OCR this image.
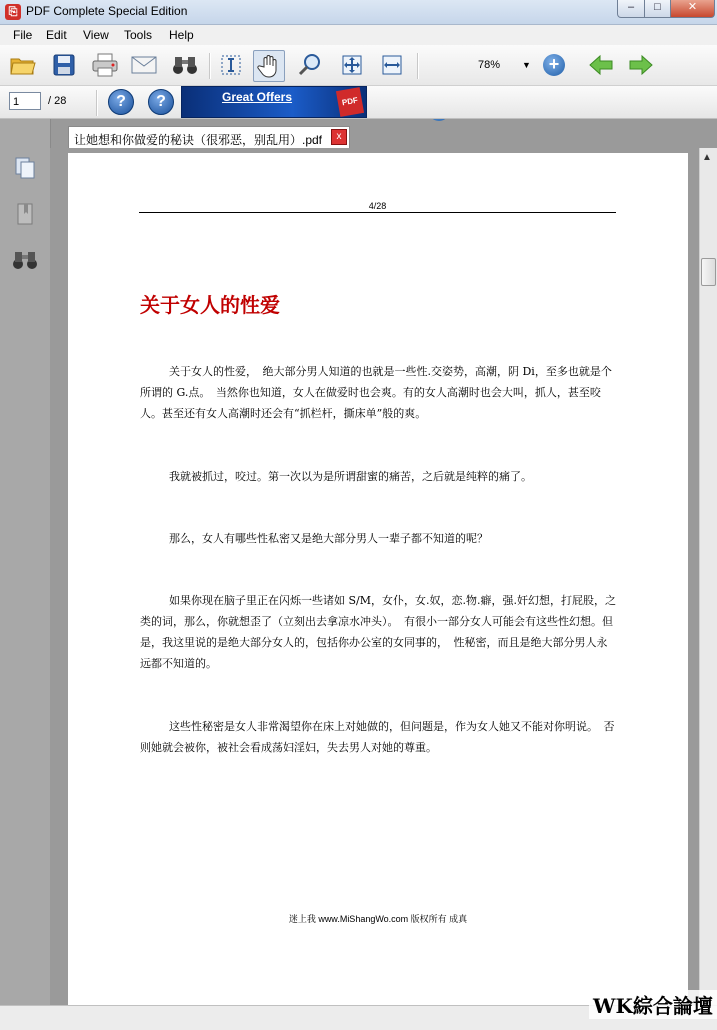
⎘ PDF Complete Special Edition	‒	□	✕
File Edit View Tools Help
78% ▼ +
1	/ 28	?	?	Great Offers	PDF
让她想和你做爱的秘诀（很邪恶，别乱用）.pdf	x
4/28
关于女人的性爱

关于女人的性爱，　绝大部分男人知道的也就是一些性.交姿势，高潮，阴 Di，至多也就是个所谓的 G.点。　当然你也知道，女人在做爱时也会爽。有的女人高潮时也会大叫，抓人，甚至咬人。甚至还有女人高潮时还会有“抓栏杆，撕床单”般的爽。

我就被抓过，咬过。第一次以为是所谓甜蜜的痛苦，之后就是纯粹的痛了。

那么，女人有哪些性私密又是绝大部分男人一辈子都不知道的呢？

如果你现在脑子里正在闪烁一些诸如 S/M，女仆，女.奴，恋.物.癖，强.奸幻想，打屁股，之类的词，那么，你就想歪了（立刻出去拿凉水冲头）。　有很小一部分女人可能会有这些性幻想。但是，我这里说的是绝大部分女人的，包括你办公室的女同事的，　性秘密，而且是绝大部分男人永远都不知道的。

这些性秘密是女人非常渴望你在床上对她做的，但问题是，作为女人她又不能对你明说。　否则她就会被你，被社会看成荡妇淫妇，失去男人对她的尊重。

迷上我 www.MiShangWo.com 版权所有 成真
▲
WK綜合論壇
